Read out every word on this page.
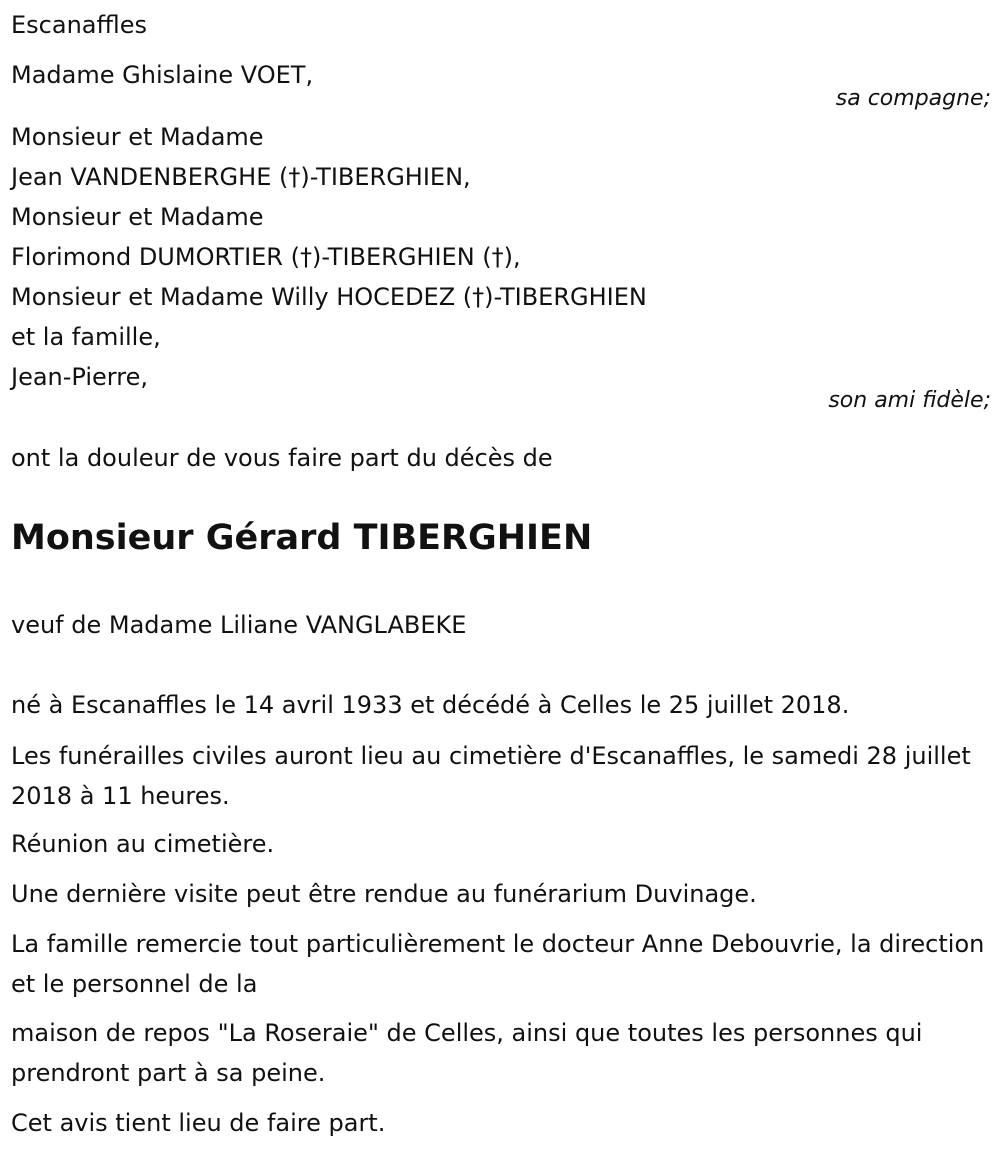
Escanaffles
Madame Ghislaine VOET,
sa compagne;
Monsieur et Madame
Jean VANDENBERGHE (†)-TIBERGHIEN,
Monsieur et Madame
Florimond DUMORTIER (†)-TIBERGHIEN (†),
Monsieur et Madame Willy HOCEDEZ (†)-TIBERGHIEN
et la famille,
Jean-Pierre,
son ami fidèle;
ont la douleur de vous faire part du décès de
Monsieur Gérard TIBERGHIEN
veuf de Madame Liliane VANGLABEKE
né à Escanaffles le 14 avril 1933 et décédé à Celles le 25 juillet 2018.
Les funérailles civiles auront lieu au cimetière d'Escanaffles, le samedi 28 juillet 2018 à 11 heures.
Réunion au cimetière.
Une dernière visite peut être rendue au funérarium Duvinage.
La famille remercie tout particulièrement le docteur Anne Debouvrie, la direction et le personnel de la
maison de repos "La Roseraie" de Celles, ainsi que toutes les personnes qui prendront part à sa peine.
Cet avis tient lieu de faire part.
